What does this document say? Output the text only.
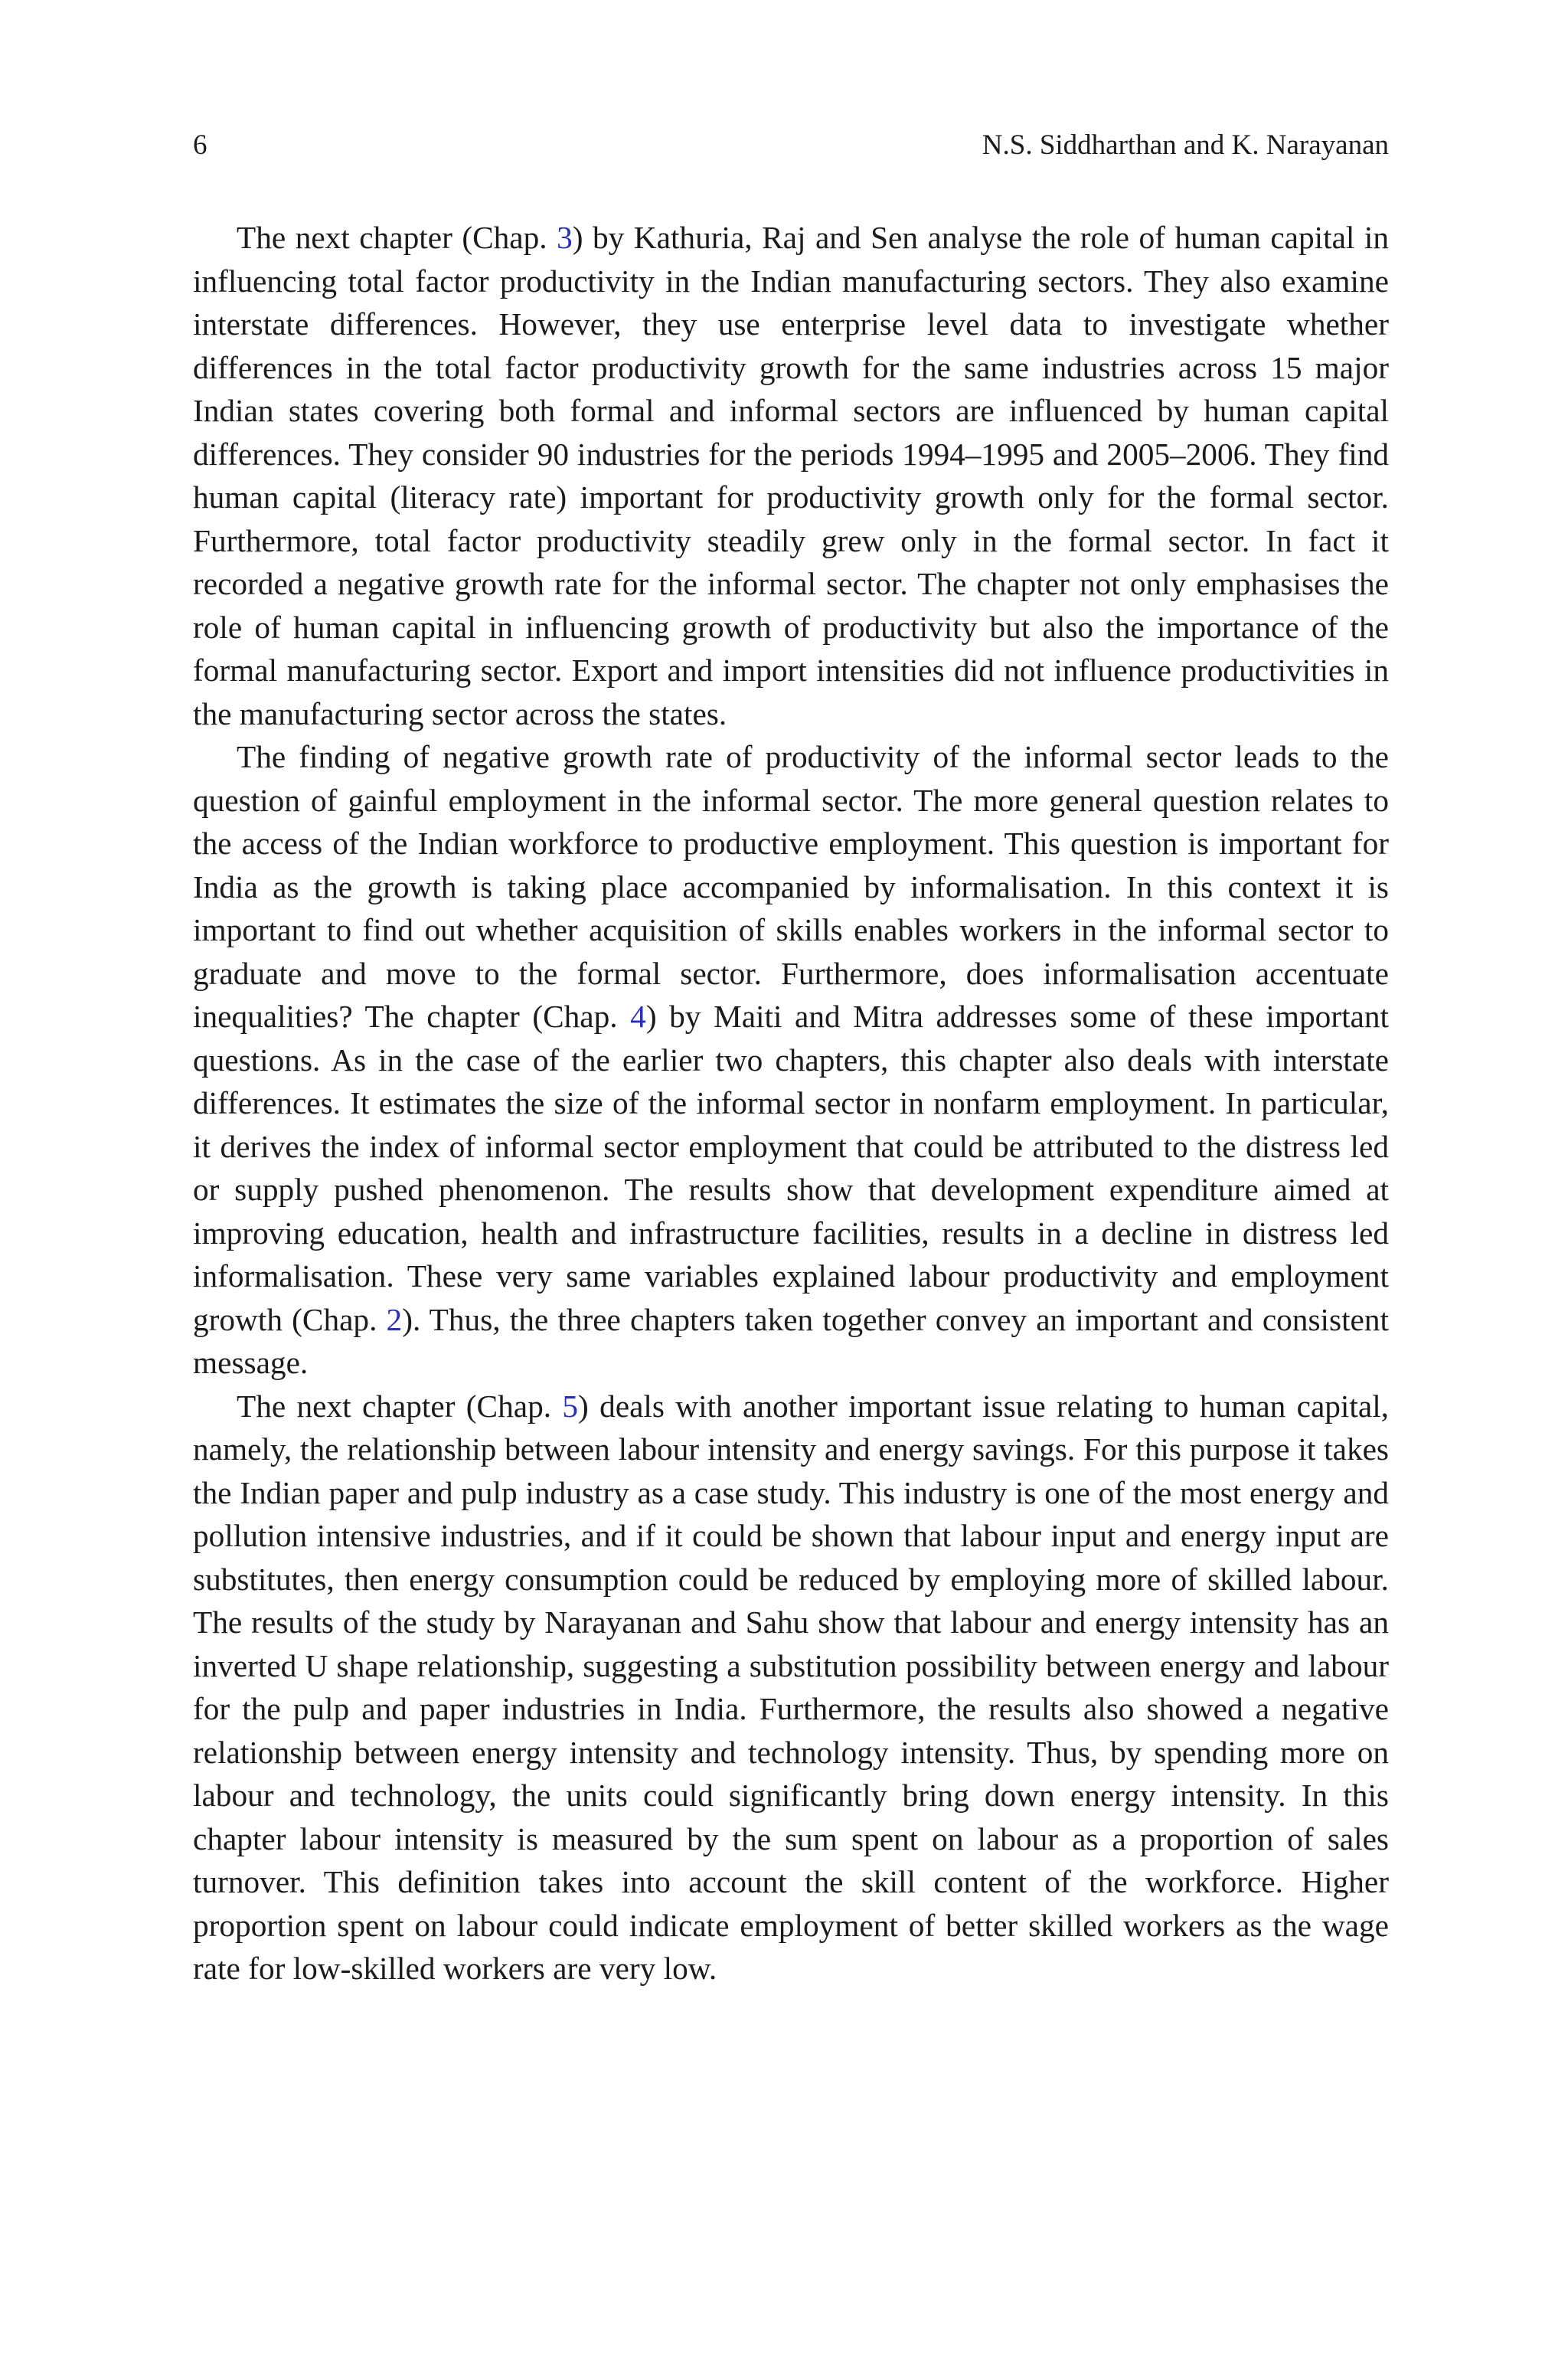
6	N.S. Siddharthan and K. Narayanan

The next chapter (Chap. 3) by Kathuria, Raj and Sen analyse the role of human capital in influencing total factor productivity in the Indian manufacturing sectors. They also examine interstate differences. However, they use enterprise level data to investigate whether differences in the total factor productivity growth for the same industries across 15 major Indian states covering both formal and informal sectors are influenced by human capital differences. They consider 90 industries for the periods 1994–1995 and 2005–2006. They find human capital (literacy rate) important for productivity growth only for the formal sector. Furthermore, total factor productivity steadily grew only in the formal sector. In fact it recorded a negative growth rate for the informal sector. The chapter not only emphasises the role of human capital in influencing growth of productivity but also the importance of the formal manufacturing sector. Export and import intensities did not influence productivities in the manufacturing sector across the states.

The finding of negative growth rate of productivity of the informal sector leads to the question of gainful employment in the informal sector. The more general question relates to the access of the Indian workforce to productive employment. This question is important for India as the growth is taking place accompanied by informalisation. In this context it is important to find out whether acquisition of skills enables workers in the informal sector to graduate and move to the formal sector. Furthermore, does informalisation accentuate inequalities? The chapter (Chap. 4) by Maiti and Mitra addresses some of these important questions. As in the case of the earlier two chapters, this chapter also deals with interstate differences. It estimates the size of the informal sector in nonfarm employment. In particular, it derives the index of informal sector employment that could be attributed to the distress led or supply pushed phenomenon. The results show that development expenditure aimed at improving education, health and infrastructure facilities, results in a decline in distress led informalisation. These very same variables explained labour productivity and employment growth (Chap. 2). Thus, the three chapters taken together convey an important and consistent message.

The next chapter (Chap. 5) deals with another important issue relating to human capital, namely, the relationship between labour intensity and energy savings. For this purpose it takes the Indian paper and pulp industry as a case study. This industry is one of the most energy and pollution intensive industries, and if it could be shown that labour input and energy input are substitutes, then energy consumption could be reduced by employing more of skilled labour. The results of the study by Narayanan and Sahu show that labour and energy intensity has an inverted U shape relationship, suggesting a substitution possibility between energy and labour for the pulp and paper industries in India. Furthermore, the results also showed a negative relationship between energy intensity and technology intensity. Thus, by spending more on labour and technology, the units could significantly bring down energy intensity. In this chapter labour intensity is measured by the sum spent on labour as a proportion of sales turnover. This definition takes into account the skill content of the workforce. Higher proportion spent on labour could indicate employment of better skilled workers as the wage rate for low-skilled workers are very low.
